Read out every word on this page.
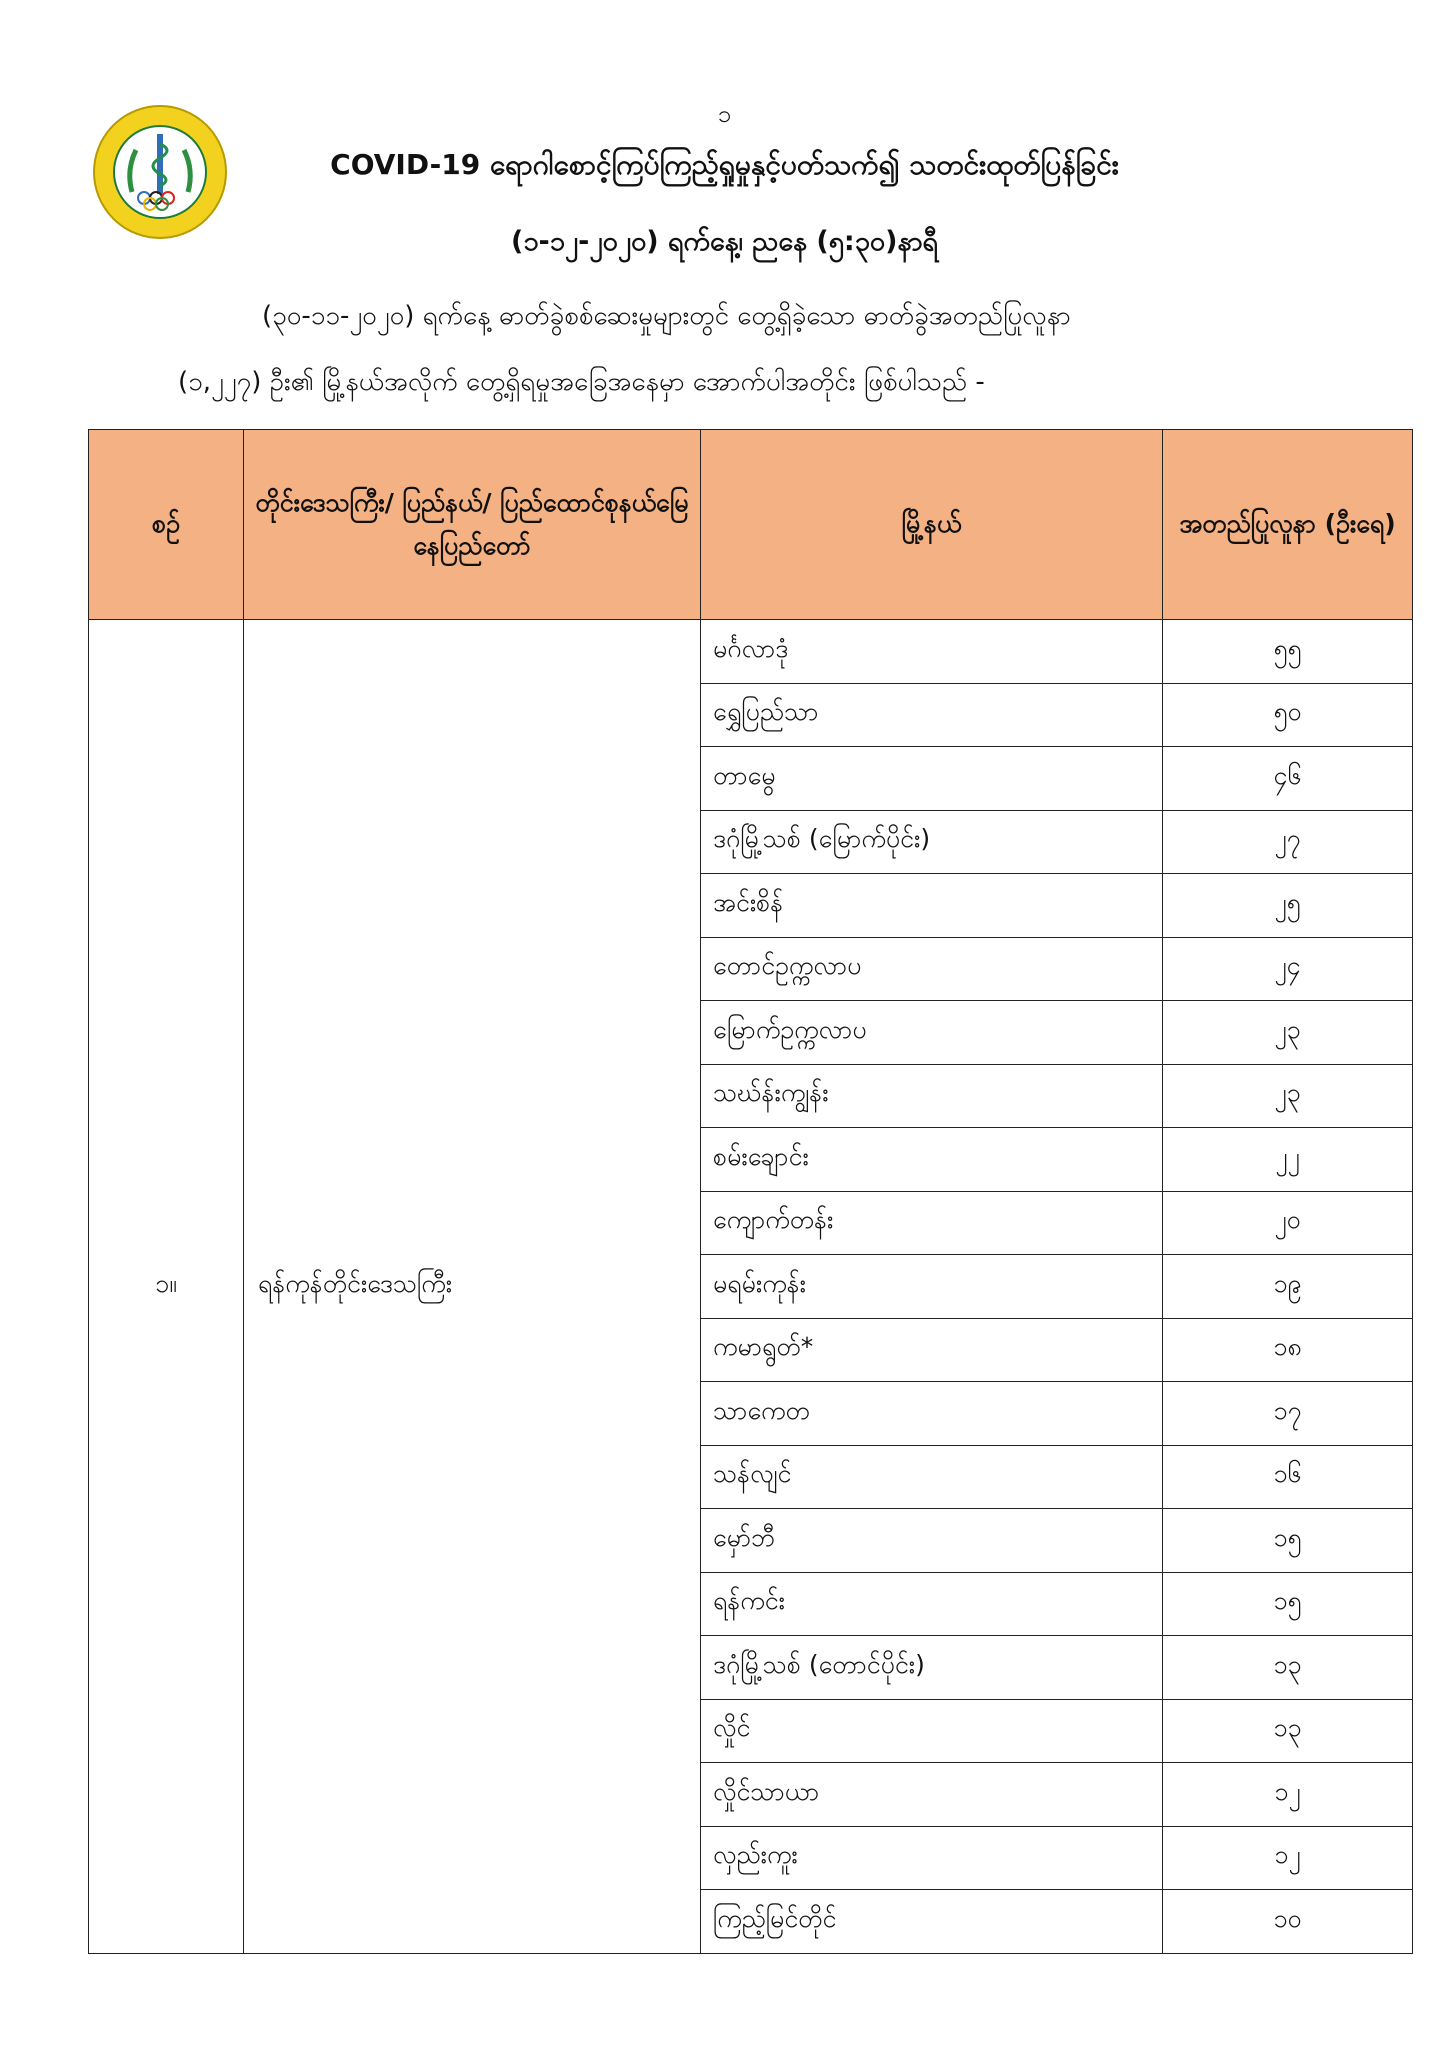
၁
COVID-19 ရောဂါစောင့်ကြပ်ကြည့်ရှုမှုနှင့်ပတ်သက်၍ သတင်းထုတ်ပြန်ခြင်း
(၁-၁၂-၂၀၂၀) ရက်နေ့၊ ညနေ (၅:၃၀)နာရီ
(၃၀-၁၁-၂၀၂၀) ရက်နေ့ ဓာတ်ခွဲစစ်ဆေးမှုများတွင် တွေ့ရှိခဲ့သော ဓာတ်ခွဲအတည်ပြုလူနာ
(၁,၂၂၇) ဦး၏ မြို့နယ်အလိုက် တွေ့ရှိရမှုအခြေအနေမှာ အောက်ပါအတိုင်း ဖြစ်ပါသည် -
စဉ်	တိုင်းဒေသကြီး/ ပြည်နယ်/ ပြည်ထောင်စုနယ်မြေ နေပြည်တော်	မြို့နယ်	အတည်ပြုလူနာ (ဦးရေ)
၁။	ရန်ကုန်တိုင်းဒေသကြီး	မင်္ဂလာဒုံ	၅၅
		ရွှေပြည်သာ	၅၀
		တာမွေ	၄၆
		ဒဂုံမြို့သစ် (မြောက်ပိုင်း)	၂၇
		အင်းစိန်	၂၅
		တောင်ဥက္ကလာပ	၂၄
		မြောက်ဥက္ကလာပ	၂၃
		သဃ်န်းကျွန်း	၂၃
		စမ်းချောင်း	၂၂
		ကျောက်တန်း	၂၀
		မရမ်းကုန်း	၁၉
		ကမာရွတ်*	၁၈
		သာကေတ	၁၇
		သန်လျင်	၁၆
		မှော်ဘီ	၁၅
		ရန်ကင်း	၁၅
		ဒဂုံမြို့သစ် (တောင်ပိုင်း)	၁၃
		လှိုင်	၁၃
		လှိုင်သာယာ	၁၂
		လှည်းကူး	၁၂
		ကြည့်မြင်တိုင်	၁၀
